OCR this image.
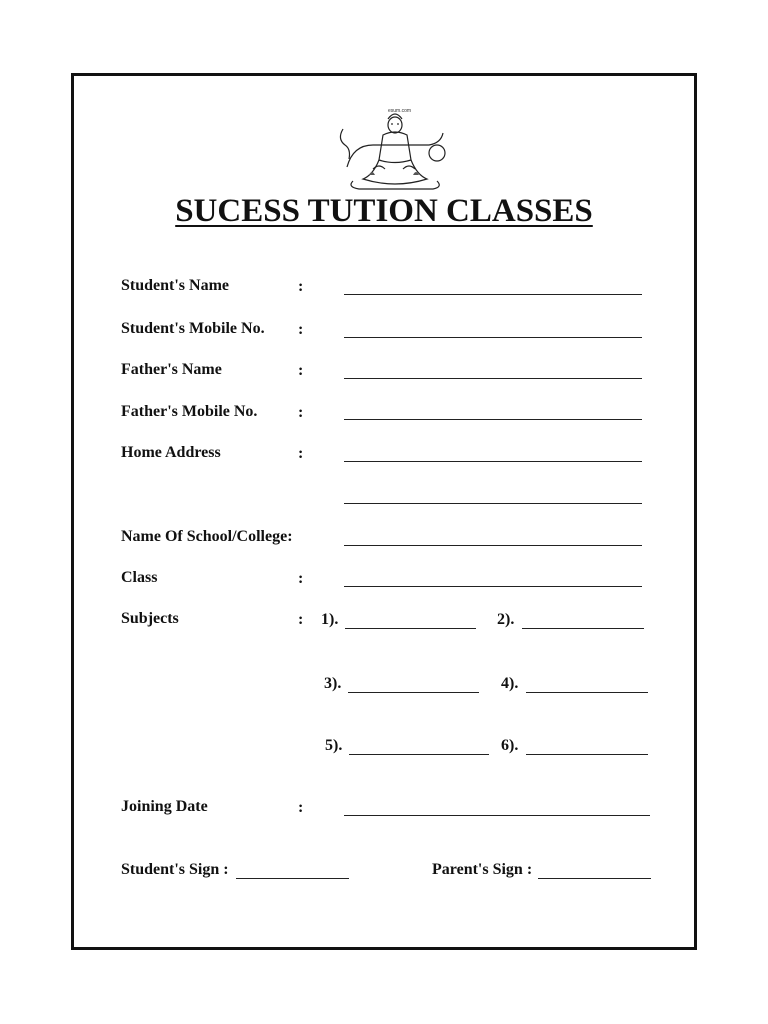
esum.com
SUCESS TUTION CLASSES
Student's Name	:
Student's Mobile No. :
Father's Name	:
Father's Mobile No.	:
Home Address	:
Name Of School/College:
Class	:
Subjects	: 1).	2).
3).	4).
5).	6).
Joining Date	:
Student's Sign :	Parent's Sign :
